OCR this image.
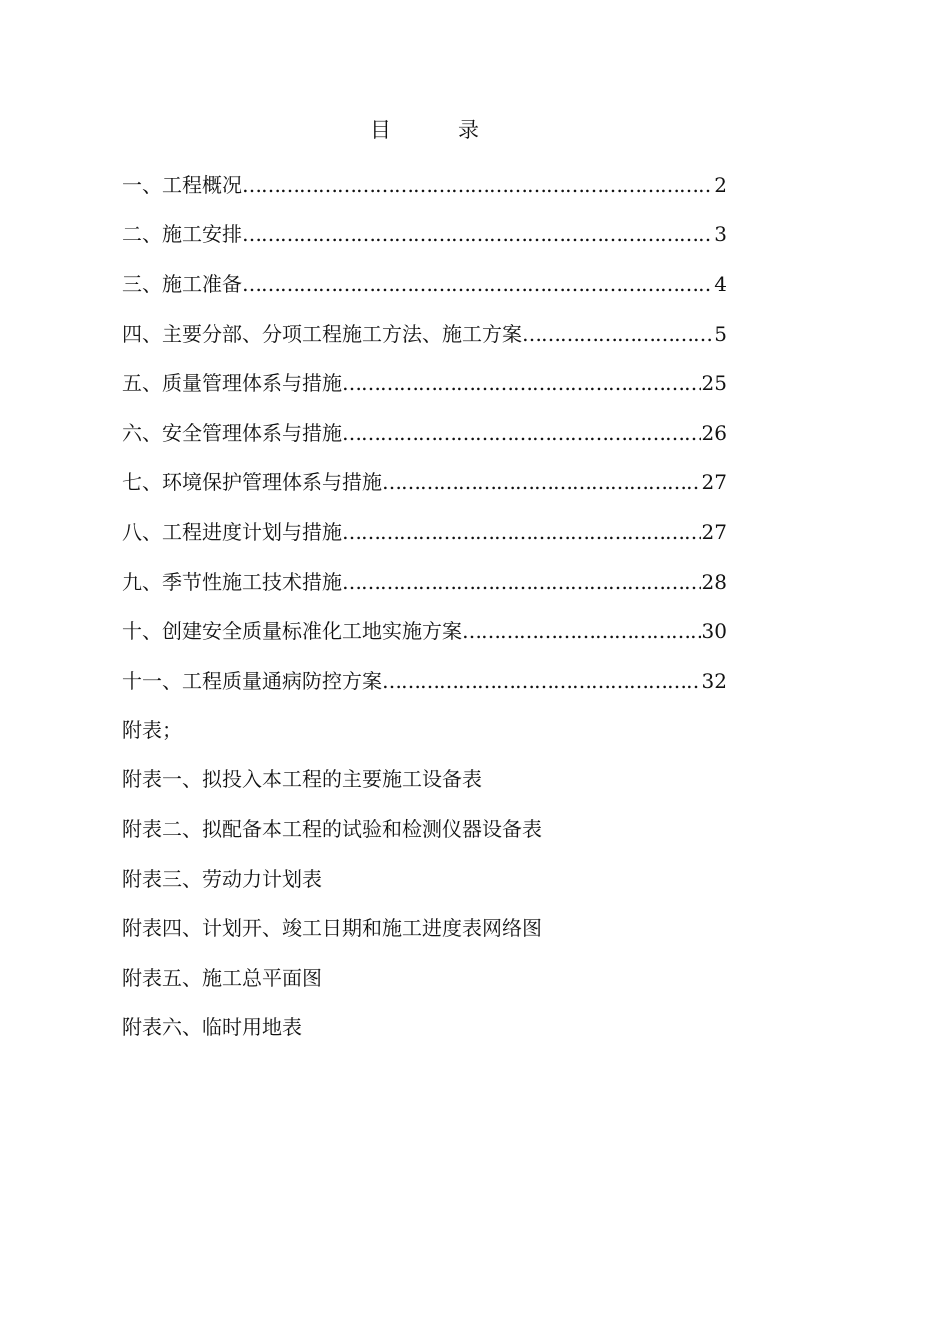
目　　　录
一、工程概况 ……………………………………………………………………………………………………………………	2
二、施工安排 ……………………………………………………………………………………………………………………	3
三、施工准备 ……………………………………………………………………………………………………………………	4
四、主要分部、分项工程施工方法、施工方案 ……………………………………………………………………………………………………………………	5
五、质量管理体系与措施 ……………………………………………………………………………………………………………………	25
六、安全管理体系与措施 ……………………………………………………………………………………………………………………	26
七、环境保护管理体系与措施 ……………………………………………………………………………………………………………………	27
八、工程进度计划与措施 ……………………………………………………………………………………………………………………	27
九、季节性施工技术措施 ……………………………………………………………………………………………………………………	28
十、创建安全质量标准化工地实施方案 ……………………………………………………………………………………………………………………	30
十一、工程质量通病防控方案 ……………………………………………………………………………………………………………………	32
附表；
附表一、拟投入本工程的主要施工设备表
附表二、拟配备本工程的试验和检测仪器设备表
附表三、劳动力计划表
附表四、计划开、竣工日期和施工进度表网络图
附表五、施工总平面图
附表六、临时用地表
